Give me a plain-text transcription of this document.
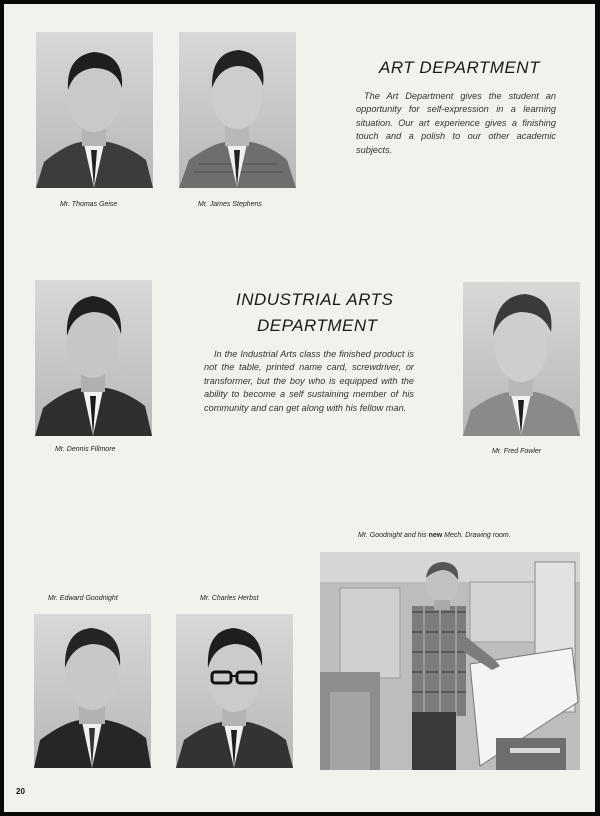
Mr. Thomas Geise	Mr. James Stephens
ART DEPARTMENT
The Art Department gives the student an opportunity for self-expression in a learning situation. Our art experience gives a finishing touch and a polish to our other academic subjects.
Mr. Dennis Fillmore
INDUSTRIAL ARTS
DEPARTMENT
In the Industrial Arts class the finished product is not the table, printed name card, screwdriver, or transformer, but the boy who is equipped with the ability to become a self sustaining member of his community and can get along with his fellow man.
Mr. Fred Fowler
Mr. Goodnight and his new Mech. Drawing room.
Mr. Edward Goodnight	Mr. Charles Herbst
20
